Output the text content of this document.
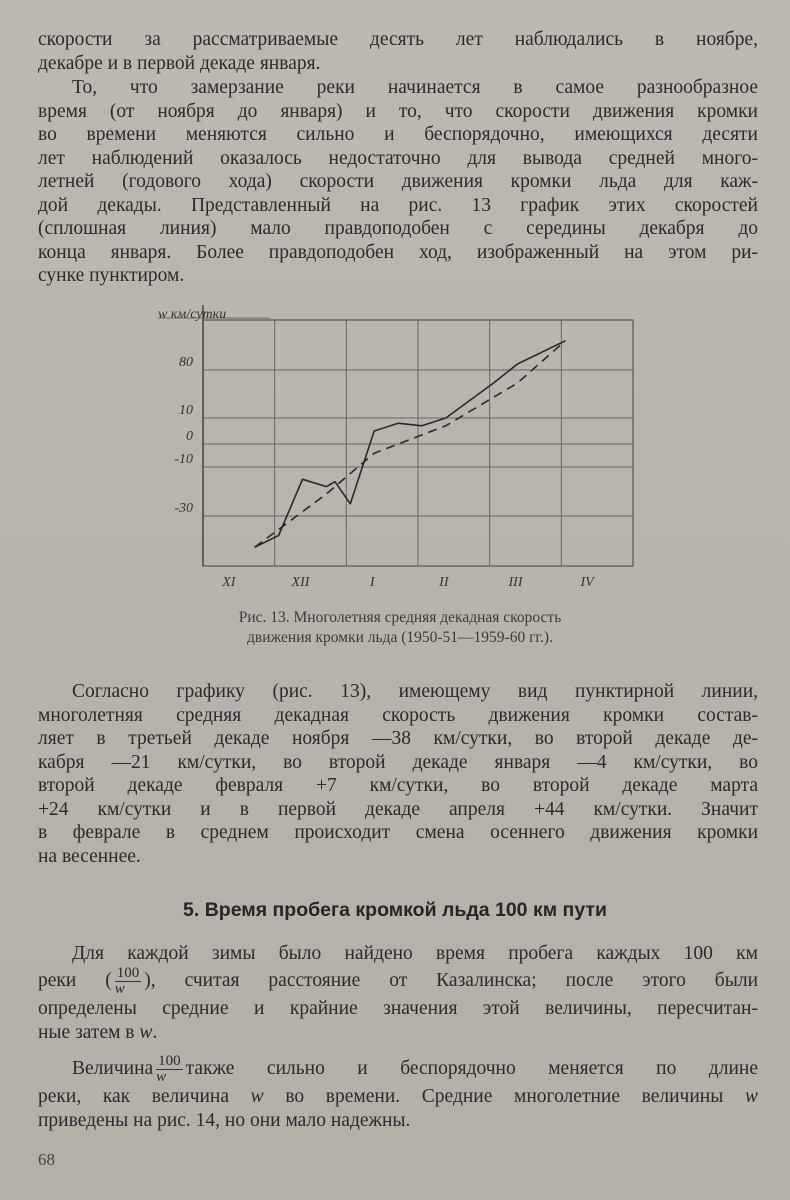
скорости за рассматриваемые десять лет наблюдались в ноябре,
декабре и в первой декаде января.

То, что замерзание реки начинается в самое разнообразное
время (от ноября до января) и то, что скорости движения кромки
во времени меняются сильно и беспорядочно, имеющихся десяти
лет наблюдений оказалось недостаточно для вывода средней много-
летней (годового хода) скорости движения кромки льда для каж-
дой декады. Представленный на рис. 13 график этих скоростей
(сплошная линия) мало правдоподобен с середины декабря до
конца января. Более правдоподобен ход, изображенный на этом ри-
сунке пунктиром.

80
10
0
-10
-30
XI	XII	I	II	III	IV
w км/сутки
Рис. 13. Многолетняя средняя декадная скорость
движения кромки льда (1950-51—1959-60 гг.).

Согласно графику (рис. 13), имеющему вид пунктирной линии,
многолетняя средняя декадная скорость движения кромки состав-
ляет в третьей декаде ноября —38 км/сутки, во второй декаде де-
кабря —21 км/сутки, во второй декаде января —4 км/сутки, во
второй декаде февраля +7 км/сутки, во второй декаде марта
+24 км/сутки и в первой декаде апреля +44 км/сутки. Значит
в феврале в среднем происходит смена осеннего движения кромки
на весеннее.

5. Время пробега кромкой льда 100 км пути

Для каждой зимы было найдено время пробега каждых 100 км
реки ( $\frac{100}{w}$ ), считая расстояние от Казалинска; после этого были
определены средние и крайние значения этой величины, пересчитан-
ные затем в w.

Величина $\frac{100}{w}$ также сильно и беспорядочно меняется по длине
реки, как величина w во времени. Средние многолетние величины w
приведены на рис. 14, но они мало надежны.

68
